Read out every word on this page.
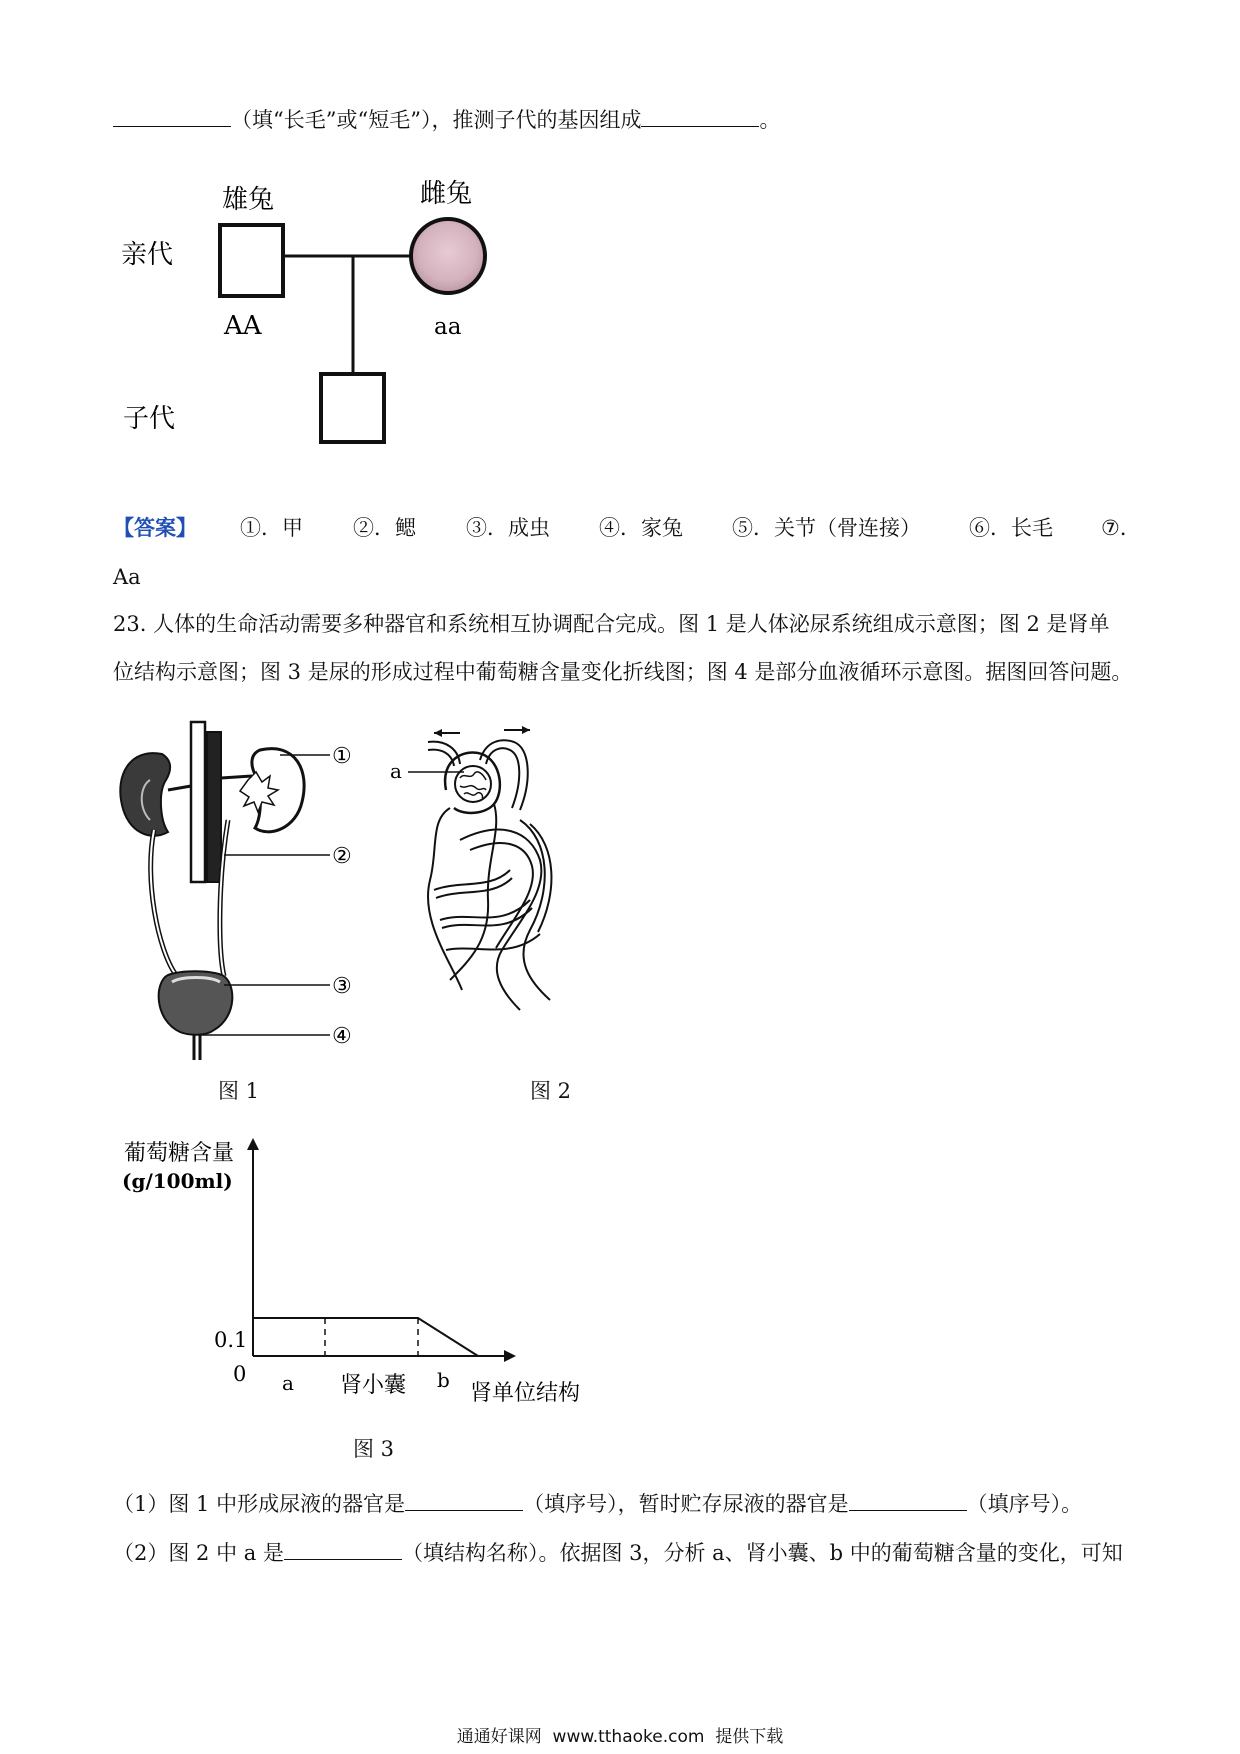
（填“长毛”或“短毛”），推测子代的基因组成	。
雄兔	雌兔
亲代
AA	aa
子代
【答案】 ①．甲 ②．鳃 ③．成虫 ④．家兔 ⑤．关节（骨连接） ⑥．长毛 ⑦．
Aa
23. 人体的生命活动需要多种器官和系统相互协调配合完成。图 1 是人体泌尿系统组成示意图；图 2 是肾单
位结构示意图；图 3 是尿的形成过程中葡萄糖含量变化折线图；图 4 是部分血液循环示意图。据图回答问题。
①
②
③
④
图 1
a
图 2
葡萄糖含量
(g/100ml)
0.1
0 a 肾小囊 b
肾单位结构
图 3
（1）图 1 中形成尿液的器官是	（填序号），暂时贮存尿液的器官是	（填序号）。
（2）图 2 中 a 是	（填结构名称）。依据图 3，分析 a、肾小囊、b 中的葡萄糖含量的变化，可知
通通好课网 www.tthaoke.com 提供下载
